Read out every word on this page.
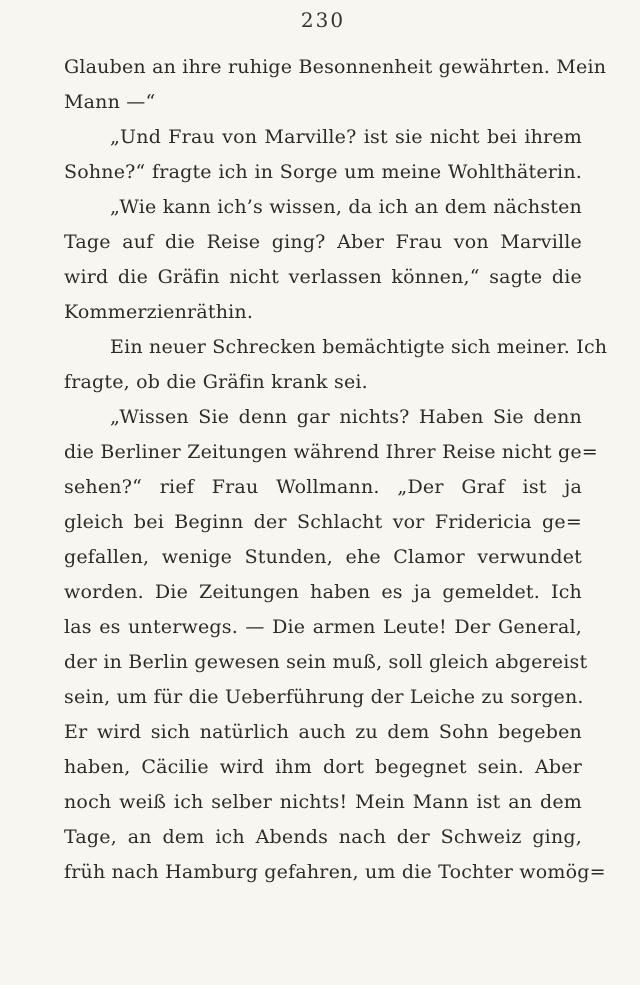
230
Glauben an ihre ruhige Besonnenheit gewährten. Mein
Mann —“
„Und Frau von Marville? ist sie nicht bei ihrem
Sohne?“ fragte ich in Sorge um meine Wohlthäterin.
„Wie kann ich’s wissen, da ich an dem nächsten
Tage auf die Reise ging? Aber Frau von Marville
wird die Gräfin nicht verlassen können,“ sagte die
Kommerzienräthin.
Ein neuer Schrecken bemächtigte sich meiner. Ich
fragte, ob die Gräfin krank sei.
„Wissen Sie denn gar nichts? Haben Sie denn
die Berliner Zeitungen während Ihrer Reise nicht ge=
sehen?“ rief Frau Wollmann. „Der Graf ist ja
gleich bei Beginn der Schlacht vor Fridericia ge=
gefallen, wenige Stunden, ehe Clamor verwundet
worden. Die Zeitungen haben es ja gemeldet. Ich
las es unterwegs. — Die armen Leute! Der General,
der in Berlin gewesen sein muß, soll gleich abgereist
sein, um für die Ueberführung der Leiche zu sorgen.
Er wird sich natürlich auch zu dem Sohn begeben
haben, Cäcilie wird ihm dort begegnet sein. Aber
noch weiß ich selber nichts! Mein Mann ist an dem
Tage, an dem ich Abends nach der Schweiz ging,
früh nach Hamburg gefahren, um die Tochter womög=
